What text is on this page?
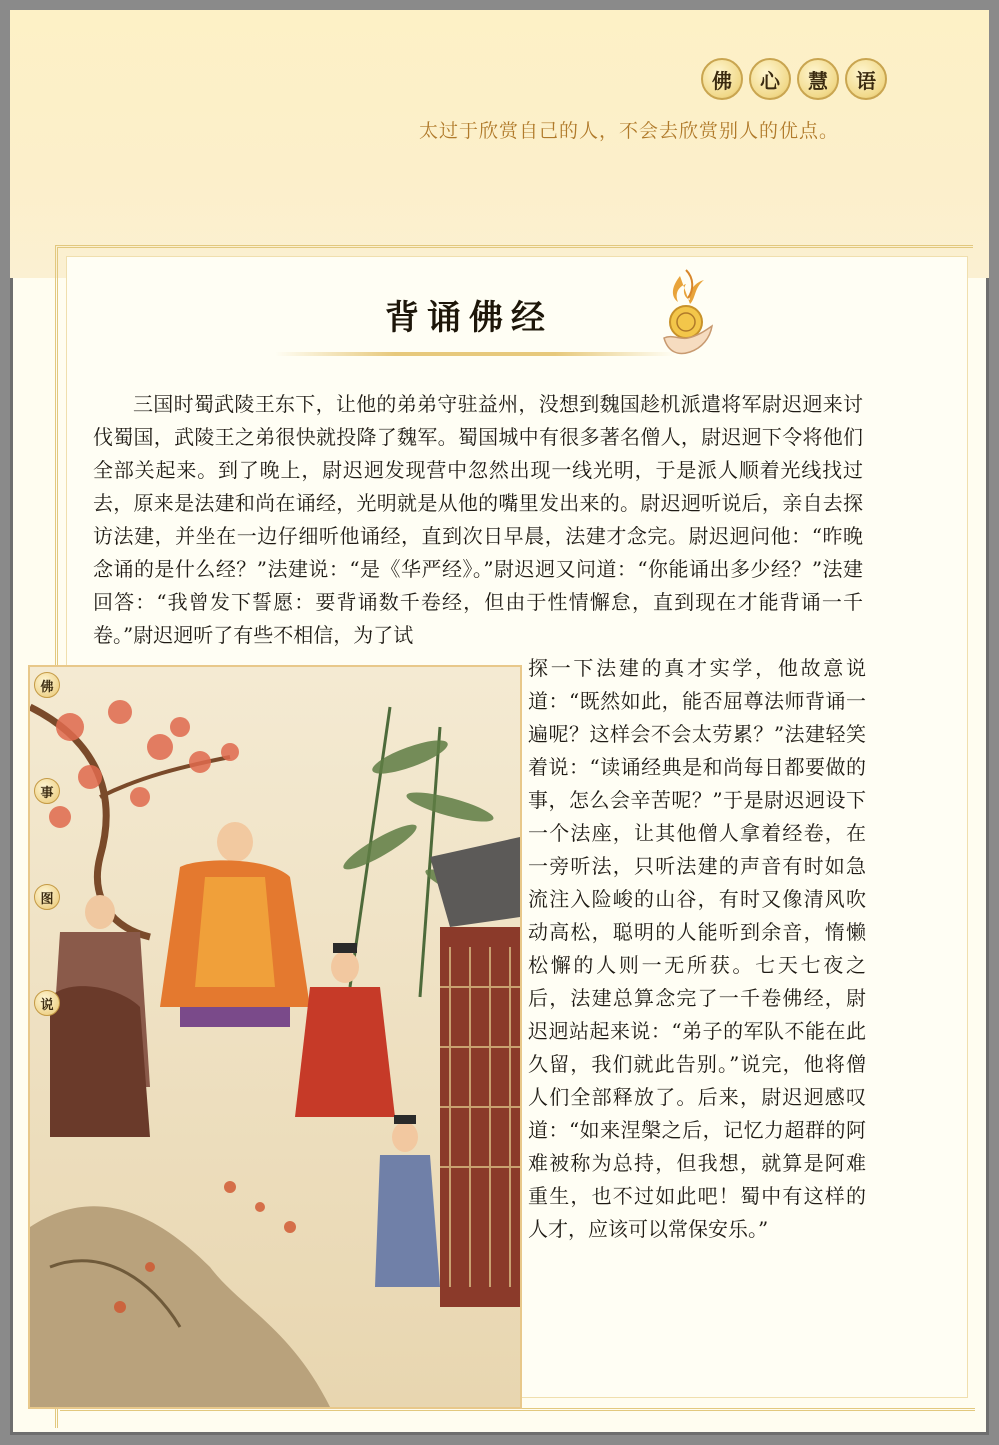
佛	心	慧	语
太过于欣赏自己的人，不会去欣赏别人的优点。
背诵佛经
三国时蜀武陵王东下，让他的弟弟守驻益州，没想到魏国趁机派遣将军尉迟迥来讨伐蜀国，武陵王之弟很快就投降了魏军。蜀国城中有很多著名僧人，尉迟迥下令将他们全部关起来。到了晚上，尉迟迥发现营中忽然出现一线光明，于是派人顺着光线找过去，原来是法建和尚在诵经，光明就是从他的嘴里发出来的。尉迟迥听说后，亲自去探访法建，并坐在一边仔细听他诵经，直到次日早晨，法建才念完。尉迟迥问他：“昨晚念诵的是什么经？”法建说：“是《华严经》。”尉迟迥又问道：“你能诵出多少经？”法建回答：“我曾发下誓愿：要背诵数千卷经，但由于性情懈怠，直到现在才能背诵一千卷。”尉迟迥听了有些不相信，为了试
佛
事
图
说
探一下法建的真才实学，他故意说道：“既然如此，能否屈尊法师背诵一遍呢？这样会不会太劳累？”法建轻笑着说：“读诵经典是和尚每日都要做的事，怎么会辛苦呢？”于是尉迟迥设下一个法座，让其他僧人拿着经卷，在一旁听法，只听法建的声音有时如急流注入险峻的山谷，有时又像清风吹动高松，聪明的人能听到余音，惰懒松懈的人则一无所获。七天七夜之后，法建总算念完了一千卷佛经，尉迟迥站起来说：“弟子的军队不能在此久留，我们就此告别。”说完，他将僧人们全部释放了。后来，尉迟迥感叹道：“如来涅槃之后，记忆力超群的阿难被称为总持，但我想，就算是阿难重生，也不过如此吧！蜀中有这样的人才，应该可以常保安乐。”
